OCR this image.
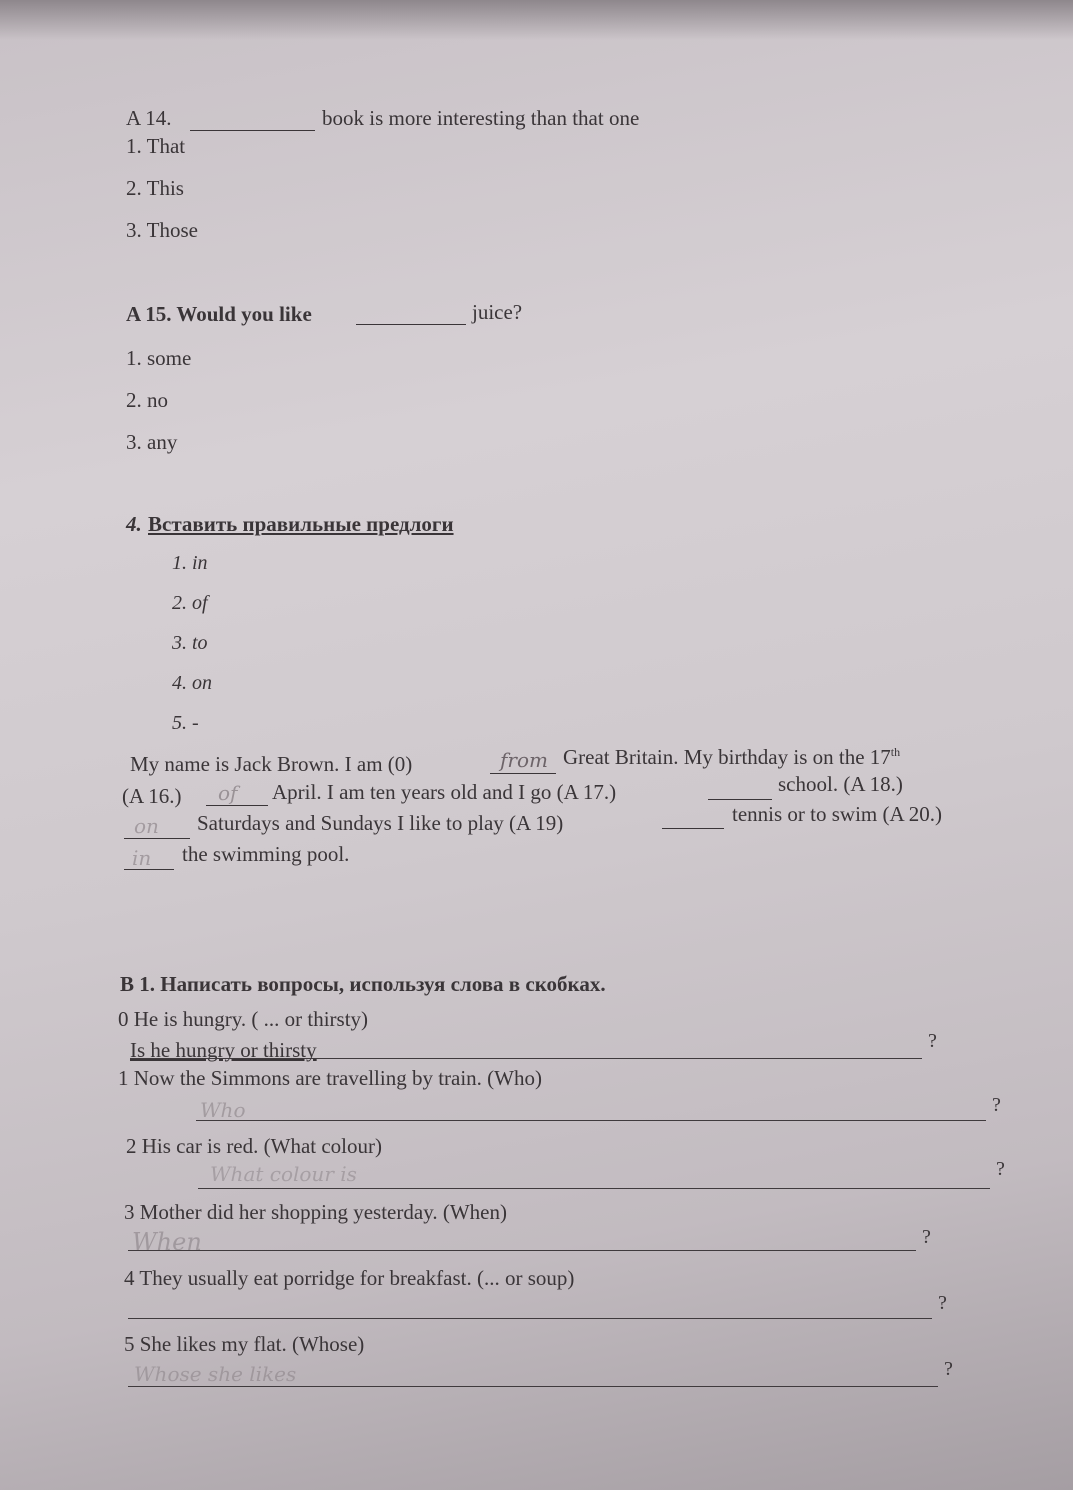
A 14.	book is more interesting than that one
1. That
2. This
3. Those
A 15. Would you like	juice?
1. some
2. no
3. any
4. Вставить правильные предлоги
1. in
2. of
3. to
4. on
5. -
My name is Jack Brown. I am (0)	from Great Britain. My birthday is on the 17th
(A 16.) of April. I am ten years old and I go (A 17.)	school. (A 18.)
on Saturdays and Sundays I like to play (A 19)	tennis or to swim (A 20.)
in the swimming pool.
B 1. Написать вопросы, используя слова в скобках.
0 He is hungry. ( ... or thirsty)
Is he hungry or thirsty	?
1 Now the Simmons are travelling by train. (Who)
Who	?
2 His car is red. (What colour)
What colour is	?
3 Mother did her shopping yesterday. (When)
When	?
4 They usually eat porridge for breakfast. (... or soup)
?
5 She likes my flat. (Whose)
Whose she likes	?
